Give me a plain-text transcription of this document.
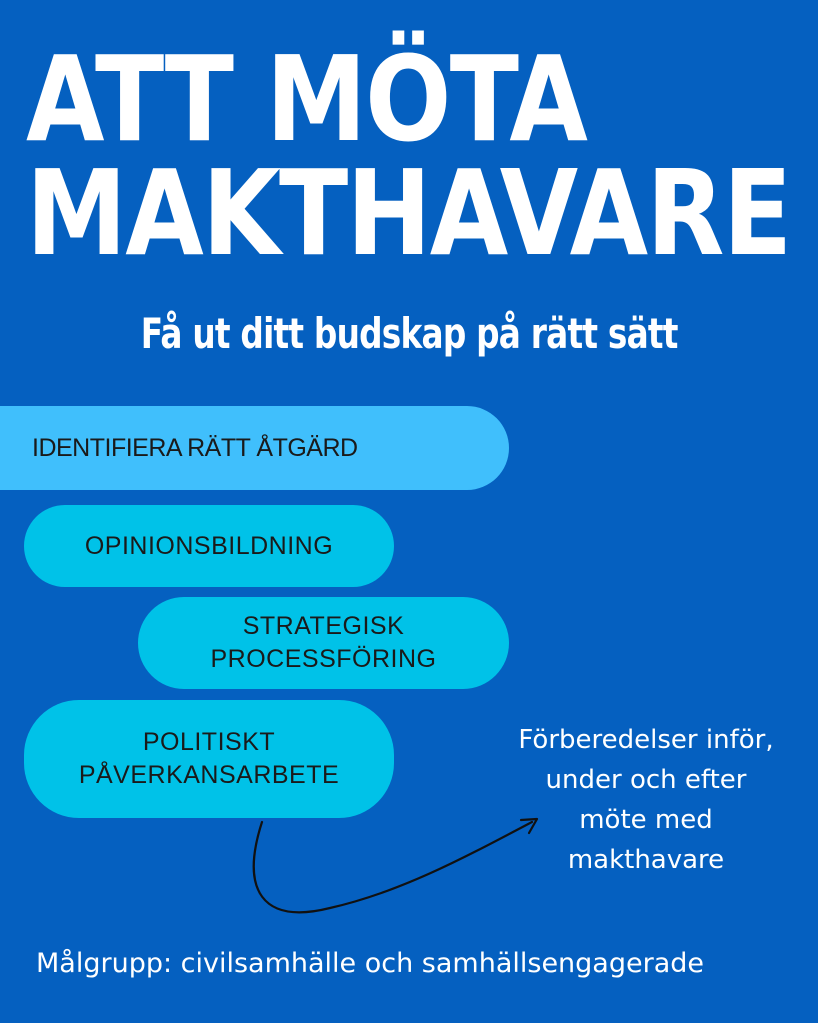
ATT MÖTA
MAKTHAVARE
Få ut ditt budskap på rätt sätt
IDENTIFIERA RÄTT ÅTGÄRD
OPINIONSBILDNING
STRATEGISK
PROCESSFÖRING
POLITISKT
PÅVERKANSARBETE
Förberedelser inför,
under och efter
möte med
makthavare
Målgrupp: civilsamhälle och samhällsengagerade
